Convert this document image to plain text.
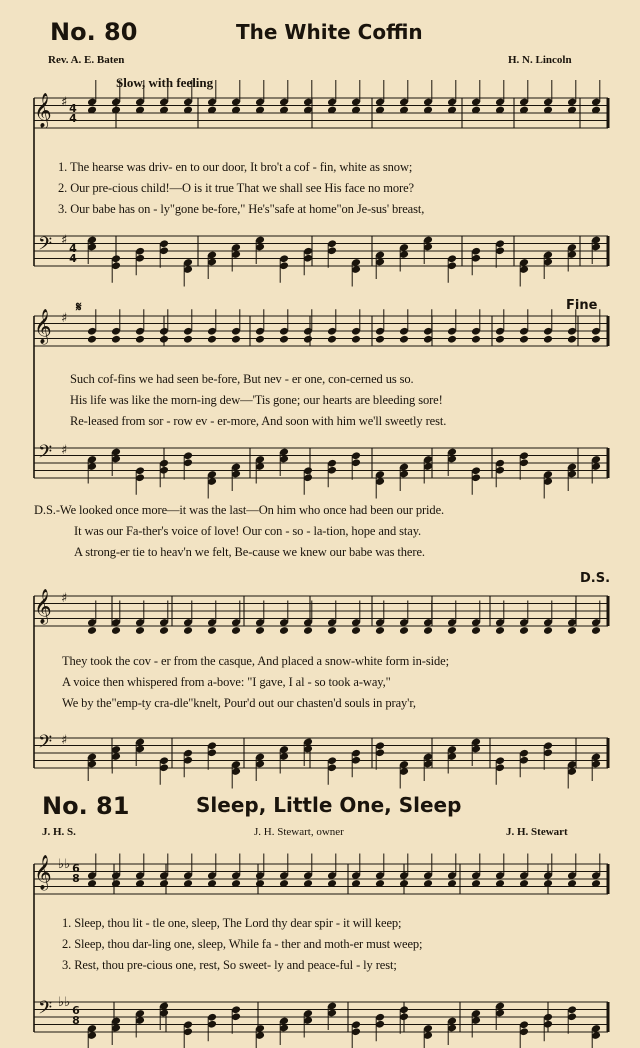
No. 80	The White Coffin
Rev. A. E. Baten	H. N. Lincoln
Slow, with feeling
𝄞 ♯ 4
4
𝄢 ♯
4
4
1. The hearse was driv- en to our door, It bro't a cof - fin, white as snow;
2. Our pre-cious child!—O is it true That we shall see His face no more?
3. Our babe has on - ly"gone be-fore," He's"safe at home"on Je-sus' breast,
𝄋	Fine
𝄞 ♯
𝄢 ♯
Such cof-fins we had seen be-fore, But nev - er one, con-cerned us so.
His life was like the morn-ing dew—'Tis gone; our hearts are bleeding sore!
Re-leased from sor - row ev - er-more, And soon with him we'll sweetly rest.
D.S.-We looked once more—it was the last—On him who once had been our pride.
It was our Fa-ther's voice of love! Our con - so - la-tion, hope and stay.
A strong-er tie to heav'n we felt, Be-cause we knew our babe was there.
D.S.
𝄞 ♯
𝄢 ♯
They took the cov - er from the casque, And placed a snow-white form in-side;
A voice then whispered from a-bove: "I gave, I al - so took a-way,"
We by the"emp-ty cra-dle"knelt, Pour'd out our chasten'd souls in pray'r,
No. 81	Sleep, Little One, Sleep
J. H. S.	J. H. Stewart, owner	J. H. Stewart
𝄞 ♭♭ 6
8
𝄢 ♭♭
6
8
1. Sleep, thou lit - tle one, sleep, The Lord thy dear spir - it will keep;
2. Sleep, thou dar-ling one, sleep, While fa - ther and moth-er must weep;
3. Rest, thou pre-cious one, rest, So sweet- ly and peace-ful - ly rest;
